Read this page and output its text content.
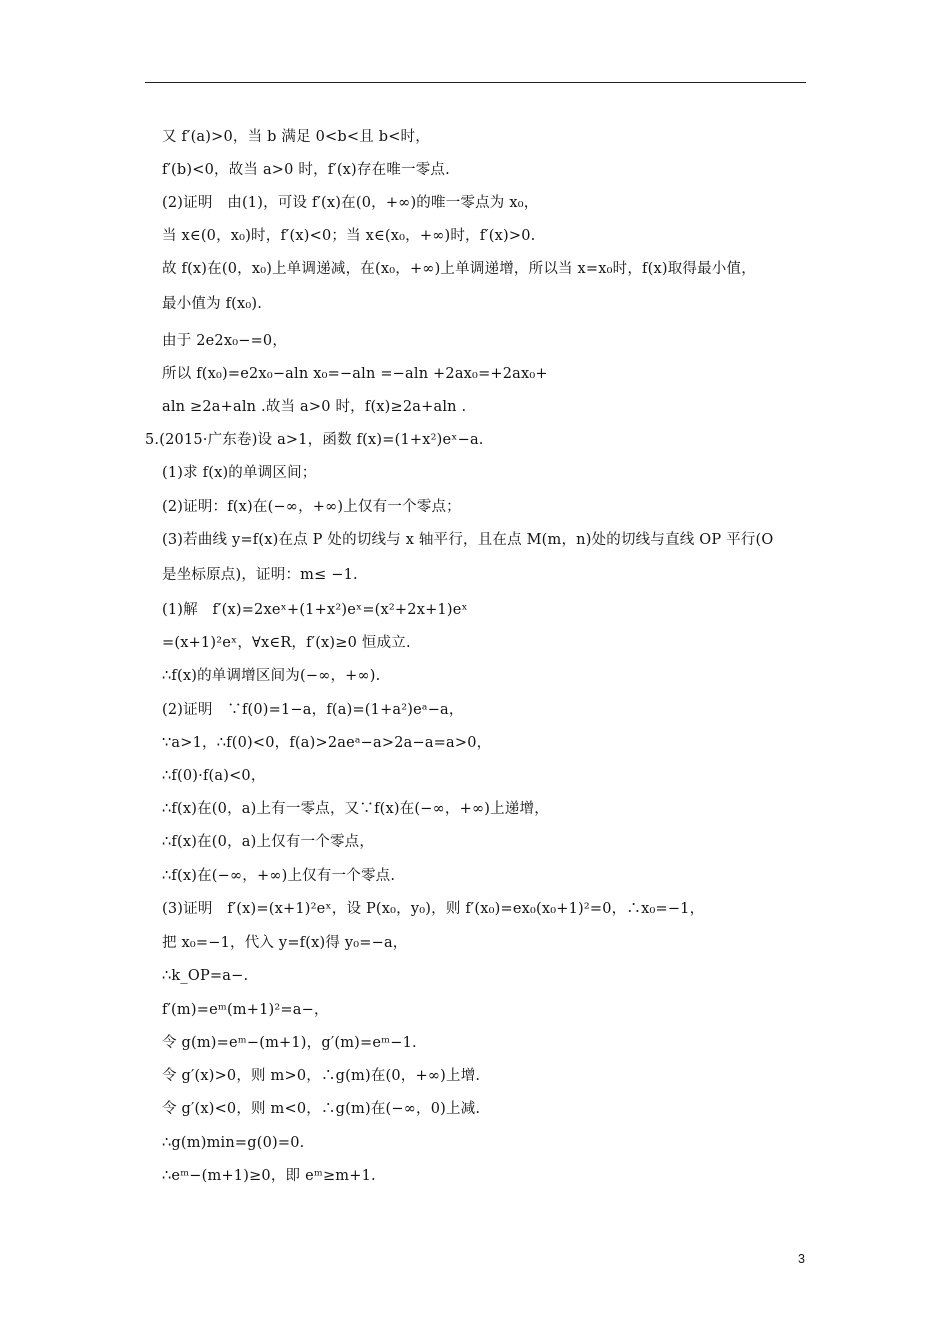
又 f′(a)>0，当 b 满足 0<b<且 b<时，
f′(b)<0，故当 a>0 时，f′(x)存在唯一零点.
(2)证明　由(1)，可设 f′(x)在(0，+∞)的唯一零点为 x₀，
当 x∈(0，x₀)时，f′(x)<0；当 x∈(x₀，+∞)时，f′(x)>0.
故 f(x)在(0，x₀)上单调递减，在(x₀，+∞)上单调递增，所以当 x=x₀时，f(x)取得最小值，
最小值为 f(x₀).
由于 2e2x₀−=0，
所以 f(x₀)=e2x₀−aln x₀=−aln =−aln +2ax₀=+2ax₀+
aln ≥2a+aln .故当 a>0 时，f(x)≥2a+aln .
5.(2015·广东卷)设 a>1，函数 f(x)=(1+x²)eˣ−a.
(1)求 f(x)的单调区间；
(2)证明：f(x)在(−∞，+∞)上仅有一个零点；
(3)若曲线 y=f(x)在点 P 处的切线与 x 轴平行，且在点 M(m，n)处的切线与直线 OP 平行(O
是坐标原点)，证明：m≤ −1.
(1)解　f′(x)=2xeˣ+(1+x²)eˣ=(x²+2x+1)eˣ
=(x+1)²eˣ，∀x∈R，f′(x)≥0 恒成立.
∴f(x)的单调增区间为(−∞，+∞).
(2)证明　∵f(0)=1−a，f(a)=(1+a²)eᵃ−a，
∵a>1，∴f(0)<0，f(a)>2aeᵃ−a>2a−a=a>0，
∴f(0)·f(a)<0，
∴f(x)在(0，a)上有一零点，又∵f(x)在(−∞，+∞)上递增，
∴f(x)在(0，a)上仅有一个零点，
∴f(x)在(−∞，+∞)上仅有一个零点.
(3)证明　f′(x)=(x+1)²eˣ，设 P(x₀，y₀)，则 f′(x₀)=ex₀(x₀+1)²=0，∴x₀=−1，
把 x₀=−1，代入 y=f(x)得 y₀=−a，
∴k_OP=a−.
f′(m)=eᵐ(m+1)²=a−，
令 g(m)=eᵐ−(m+1)，g′(m)=eᵐ−1.
令 g′(x)>0，则 m>0，∴g(m)在(0，+∞)上增.
令 g′(x)<0，则 m<0，∴g(m)在(−∞，0)上减.
∴g(m)min=g(0)=0.
∴eᵐ−(m+1)≥0，即 eᵐ≥m+1.
3
